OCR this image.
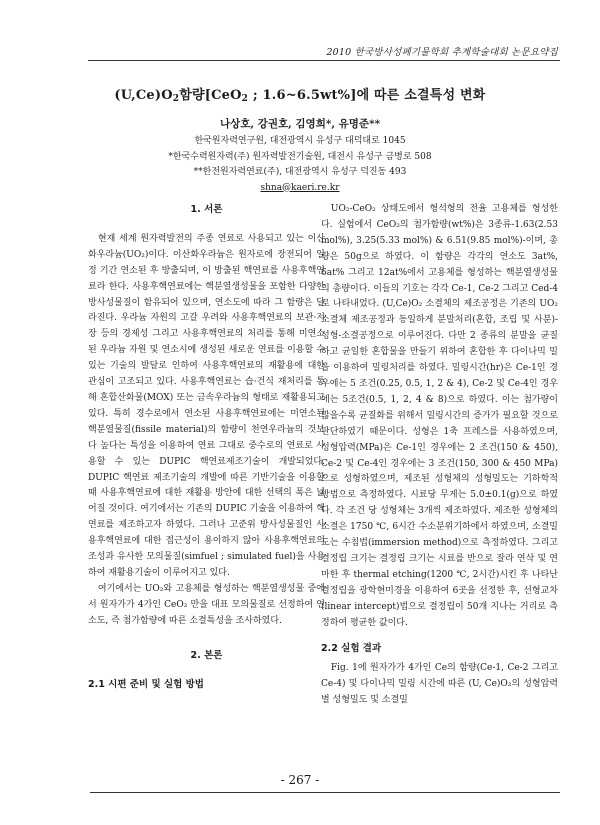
2010 한국방사성폐기물학회 추계학술대회 논문요약집
$(U,Ce)O_2$함량[CeO$_2$ ; 1.6~6.5wt%]에 따른 소결특성 변화
나상호, 강권호, 김영희*, 유명준**
한국원자력연구원, 대전광역시 유성구 대덕대로 1045
*한국수력원자력(주) 원자력발전기술원, 대전시 유성구 금병로 508
**한전원자력연료(주), 대전광역시 유성구 덕진동 493
shna@kaeri.re.kr
1. 서론

현재 세계 원자력발전의 주종 연료로 사용되고 있는 이산화우라늄(UO₂)이다. 이산화우라늄은 원자로에 장전되어 일정 기간 연소된 후 방출되며, 이 방출된 핵연료를 사용후핵연료라 한다. 사용후핵연료에는 핵분열생성물을 포함한 다양한 방사성물질이 함유되어 있으며, 연소도에 따라 그 함량은 달라진다. 우라늄 자원의 고갈 우려와 사용후핵연료의 보관·저장 등의 경제성 그리고 사용후핵연료의 처리를 통해 미연소된 우라늄 자원 및 연소시에 생성된 새로운 연료를 이용할 수 있는 기술의 발달로 인하여 사용후핵연료의 재활용에 대한 관심이 고조되고 있다. 사용후핵연료는 습·건식 재처리를 통해 혼합산화물(MOX) 또는 금속우라늄의 형태로 재활용되고 있다. 특히 경수로에서 연소된 사용후핵연료에는 미연소된 핵분열물질(fissile material)의 함량이 천연우라늄의 것보다 높다는 특성을 이용하여 연료 그대로 중수로의 연료로 사용할 수 있는 DUPIC 핵연료제조기술이 개발되었다. DUPIC 핵연료 제조기술의 개발에 따른 기반기술을 이용할 때 사용후핵연료에 대한 재활용 방안에 대한 선택의 폭은 넓어질 것이다. 여기에서는 기존의 DUPIC 기술을 이용하여 핵연료를 제조하고자 하였다. 그러나 고준위 방사성물질인 사용후핵연료에 대한 접근성이 용이하지 않아 사용후핵연료의 조성과 유사한 모의물질(simfuel ; simulated fuel)을 사용하여 재활용기술이 이루어지고 있다.

여기에서는 UO₂와 고용체를 형성하는 핵분열생성물 중에서 원자가가 4가인 CeO₂ 만을 대표 모의물질로 선정하여 연소도, 즉 첨가함량에 따른 소결특성을 조사하였다.

2. 본론
2.1 시편 준비 및 실험 방법

UO₂-CeO₂ 상태도에서 형석형의 전율 고용체를 형성한다. 실험에서 CeO₂의 첨가함량(wt%)은 3종류-1.63(2.53 mol%), 3.25(5.33 mol%) & 6.51(9.85 mol%)-이며, 총량은 50g으로 하였다. 이 함량은 각각의 연소도 3at%, 6at% 그리고 12at%에서 고용체를 형성하는 핵분열생성물의 총량이다. 이들의 기호는 각각 Ce-1, Ce-2 그리고 Ced-4로 나타내었다. (U,Ce)O₂ 소결체의 제조공정은 기존의 UO₂ 소결체 제조공정과 동일하게 분말처리(혼합, 조립 및 사분)-성형-소결공정으로 이루어진다. 다만 2 종류의 분말을 균질하고 균일한 혼합물을 만들기 위하여 혼합한 후 다이나믹 밀을 이용하여 밀링처리를 하였다. 밀링시간(hr)은 Ce-1인 경우에는 5 조건(0.25, 0.5, 1, 2 & 4), Ce-2 및 Ce-4인 경우에는 5조건(0.5, 1, 2, 4 & 8)으로 하였다. 이는 첨가량이 많을수록 균질화를 위해서 밀링시간의 증가가 필요할 것으로 판단하였기 때문이다. 성형은 1축 프레스를 사용하였으며, 성형압력(MPa)은 Ce-1인 경우에는 2 조건(150 & 450), Ce-2 및 Ce-4인 경우에는 3 조건(150, 300 & 450 MPa)으로 성형하였으며, 제조된 성형체의 성형밀도는 기하학적 방법으로 측정하였다. 시료당 무게는 5.0±0.1(g)으로 하였다. 각 조건 당 성형체는 3개씩 제조하였다. 제조한 성형체의 소결은 1750 ℃, 6시간 수소분위기하에서 하였으며, 소결밀도는 수침법(immersion method)으로 측정하였다. 그리고 결정립 크기는 결정립 크기는 시료를 반으로 잘라 연삭 및 연마한 후 thermal etching(1200 ℃, 2시간)시킨 후 나타난 결정립을 광학현미경을 이용하여 6곳을 선정한 후, 선형교차(linear intercept)법으로 결정립이 50개 지나는 거리로 측정하여 평균한 값이다.

2.2 실험 결과

Fig. 1에 원자가가 4가인 Ce의 함량(Ce-1, Ce-2 그리고 Ce-4) 및 다이나믹 밀링 시간에 따른 (U, Ce)O₂의 성형압력별 성형밀도 및 소결밀

- 267 -
